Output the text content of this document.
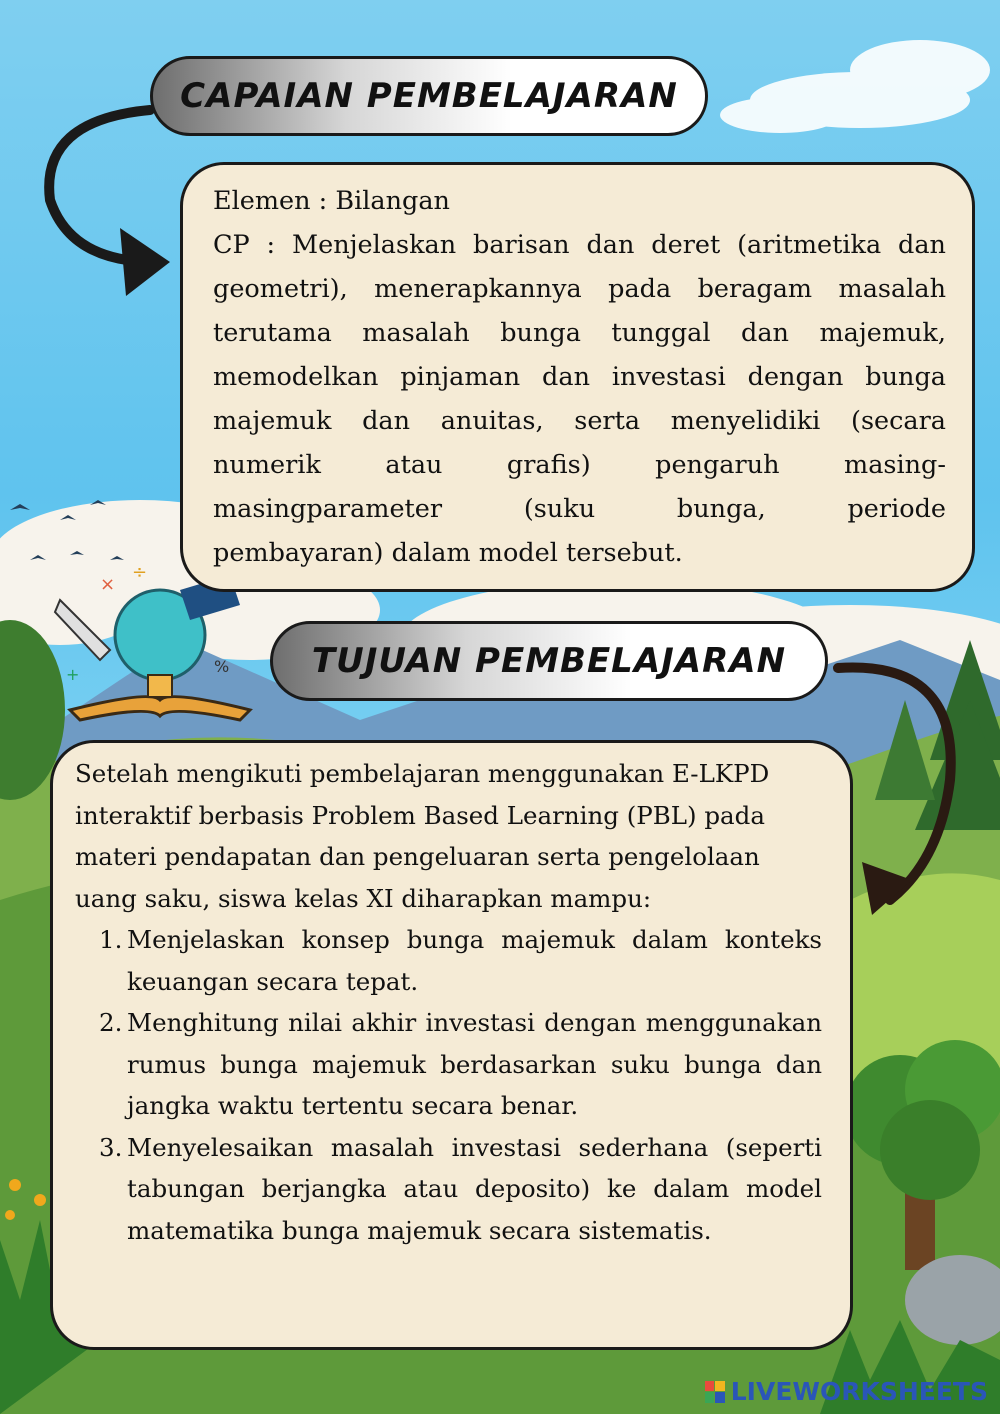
×
÷
%
+
CAPAIAN PEMBELAJARAN

Elemen : Bilangan

CP : Menjelaskan barisan dan deret (aritmetika dan

geometri), menerapkannya pada beragam masalah

terutama masalah bunga tunggal dan majemuk,

memodelkan pinjaman dan investasi dengan bunga

majemuk dan anuitas, serta menyelidiki (secara

numerik atau grafis) pengaruh masing-

masingparameter (suku bunga, periode

pembayaran) dalam model tersebut.

TUJUAN PEMBELAJARAN

Setelah mengikuti pembelajaran menggunakan E-LKPD

interaktif berbasis Problem Based Learning (PBL) pada

materi pendapatan dan pengeluaran serta pengelolaan

uang saku, siswa kelas XI diharapkan mampu:

1. Menjelaskan konsep bunga majemuk dalam konteks keuangan secara tepat.
2. Menghitung nilai akhir investasi dengan menggunakan rumus bunga majemuk berdasarkan suku bunga dan jangka waktu tertentu secara benar.
3. Menyelesaikan masalah investasi sederhana (seperti tabungan berjangka atau deposito) ke dalam model matematika bunga majemuk secara sistematis.
LIVEWORKSHEETS
